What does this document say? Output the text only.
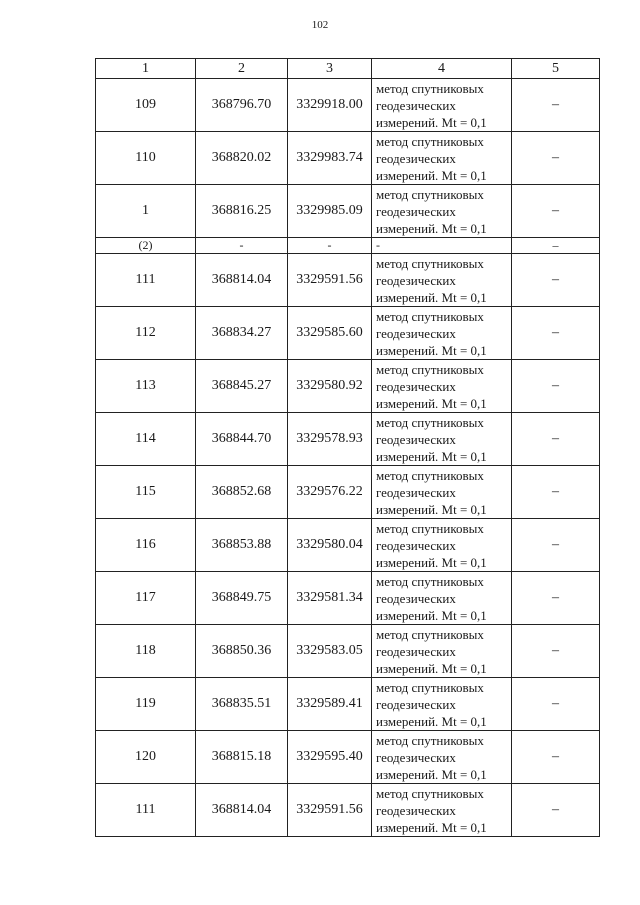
102
1	2	3	4	5
109	368796.70	3329918.00	метод спутниковых
геодезических
измерений. Mt = 0,1	–
110	368820.02	3329983.74	метод спутниковых
геодезических
измерений. Mt = 0,1	–
1	368816.25	3329985.09	метод спутниковых
геодезических
измерений. Mt = 0,1	–
(2)	-	-	-	–
111	368814.04	3329591.56	метод спутниковых
геодезических
измерений. Mt = 0,1	–
112	368834.27	3329585.60	метод спутниковых
геодезических
измерений. Mt = 0,1	–
113	368845.27	3329580.92	метод спутниковых
геодезических
измерений. Mt = 0,1	–
114	368844.70	3329578.93	метод спутниковых
геодезических
измерений. Mt = 0,1	–
115	368852.68	3329576.22	метод спутниковых
геодезических
измерений. Mt = 0,1	–
116	368853.88	3329580.04	метод спутниковых
геодезических
измерений. Mt = 0,1	–
117	368849.75	3329581.34	метод спутниковых
геодезических
измерений. Mt = 0,1	–
118	368850.36	3329583.05	метод спутниковых
геодезических
измерений. Mt = 0,1	–
119	368835.51	3329589.41	метод спутниковых
геодезических
измерений. Mt = 0,1	–
120	368815.18	3329595.40	метод спутниковых
геодезических
измерений. Mt = 0,1	–
111	368814.04	3329591.56	метод спутниковых
геодезических
измерений. Mt = 0,1	–
